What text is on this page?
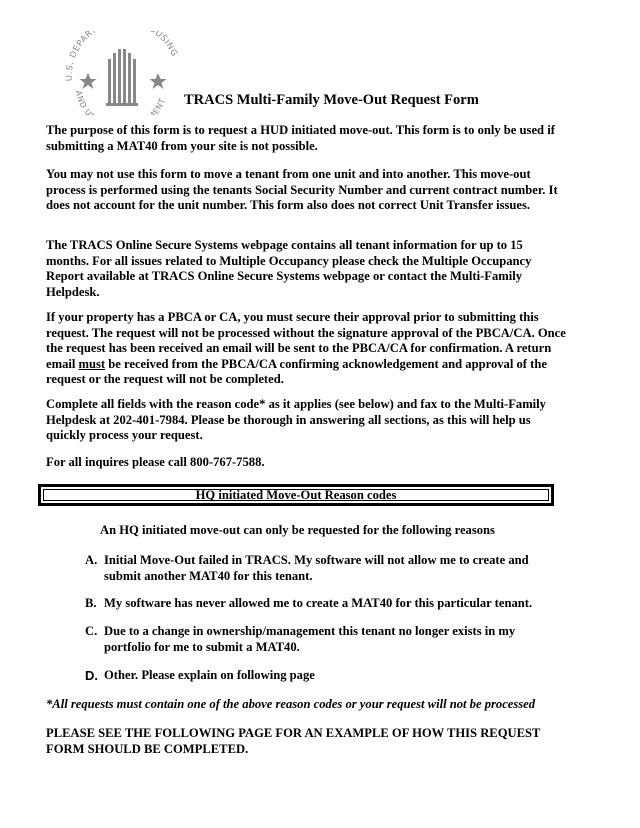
U.S. DEPAR USING
AND U ENT TRACS Multi-Family Move-Out Request Form

The purpose of this form is to request a HUD initiated move-out. This form is to only be used if submitting a MAT40 from your site is not possible.

You may not use this form to move a tenant from one unit and into another. This move-out process is performed using the tenants Social Security Number and current contract number. It does not account for the unit number. This form also does not correct Unit Transfer issues.

The TRACS Online Secure Systems webpage contains all tenant information for up to 15 months. For all issues related to Multiple Occupancy please check the Multiple Occupancy Report available at TRACS Online Secure Systems webpage or contact the Multi-Family Helpdesk.

If your property has a PBCA or CA, you must secure their approval prior to submitting this request. The request will not be processed without the signature approval of the PBCA/CA. Once the request has been received an email will be sent to the PBCA/CA for confirmation. A return email must be received from the PBCA/CA confirming acknowledgement and approval of the request or the request will not be completed.

Complete all fields with the reason code* as it applies (see below) and fax to the Multi-Family Helpdesk at 202-401-7984. Please be thorough in answering all sections, as this will help us quickly process your request.

For all inquires please call 800-767-7588.

HQ initiated Move-Out Reason codes
An HQ initiated move-out can only be requested for the following reasons
A. Initial Move-Out failed in TRACS. My software will not allow me to create and submit another MAT40 for this tenant.
B. My software has never allowed me to create a MAT40 for this particular tenant.
C. Due to a change in ownership/management this tenant no longer exists in my portfolio for me to submit a MAT40.
D. Other. Please explain on following page
*All requests must contain one of the above reason codes or your request will not be processed

PLEASE SEE THE FOLLOWING PAGE FOR AN EXAMPLE OF HOW THIS REQUEST FORM SHOULD BE COMPLETED.
